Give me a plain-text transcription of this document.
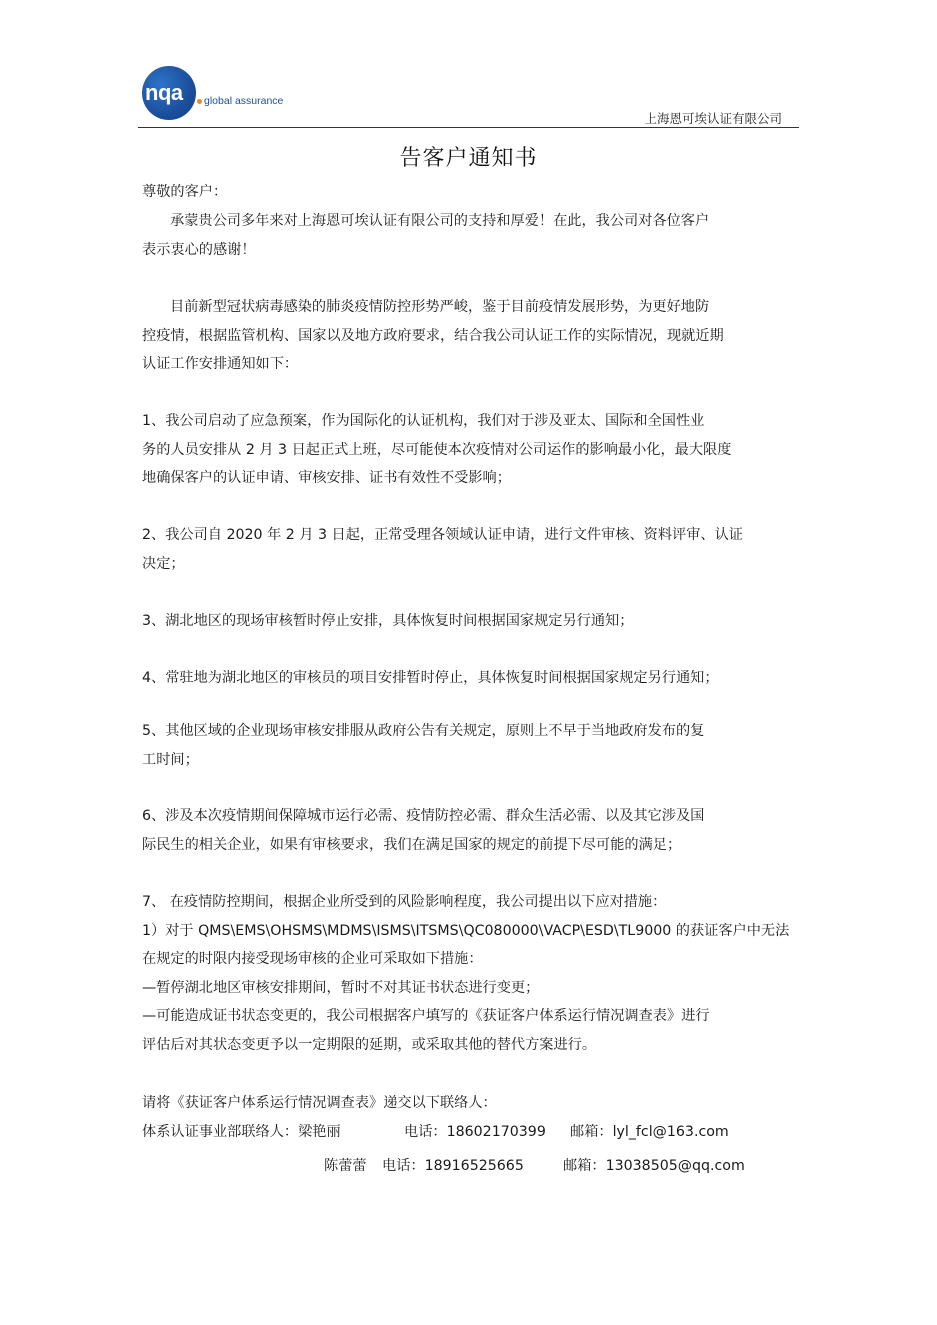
nqa global assurance
上海恩可埃认证有限公司
告客户通知书
尊敬的客户：
承蒙贵公司多年来对上海恩可埃认证有限公司的支持和厚爱！在此，我公司对各位客户
表示衷心的感谢！
目前新型冠状病毒感染的肺炎疫情防控形势严峻，鉴于目前疫情发展形势，为更好地防
控疫情，根据监管机构、国家以及地方政府要求，结合我公司认证工作的实际情况，现就近期
认证工作安排通知如下：
1、我公司启动了应急预案，作为国际化的认证机构，我们对于涉及亚太、国际和全国性业
务的人员安排从 2 月 3 日起正式上班，尽可能使本次疫情对公司运作的影响最小化，最大限度
地确保客户的认证申请、审核安排、证书有效性不受影响；
2、我公司自 2020 年 2 月 3 日起，正常受理各领域认证申请，进行文件审核、资料评审、认证
决定；
3、湖北地区的现场审核暂时停止安排，具体恢复时间根据国家规定另行通知；
4、常驻地为湖北地区的审核员的项目安排暂时停止，具体恢复时间根据国家规定另行通知；
5、其他区域的企业现场审核安排服从政府公告有关规定，原则上不早于当地政府发布的复
工时间；
6、涉及本次疫情期间保障城市运行必需、疫情防控必需、群众生活必需、以及其它涉及国
际民生的相关企业，如果有审核要求，我们在满足国家的规定的前提下尽可能的满足；
7、 在疫情防控期间，根据企业所受到的风险影响程度，我公司提出以下应对措施：
1）对于 QMS\EMS\OHSMS\MDMS\ISMS\ITSMS\QC080000\VACP\ESD\TL9000 的获证客户中无法
在规定的时限内接受现场审核的企业可采取如下措施：
—暂停湖北地区审核安排期间，暂时不对其证书状态进行变更；
—可能造成证书状态变更的，我公司根据客户填写的《获证客户体系运行情况调查表》进行
评估后对其状态变更予以一定期限的延期，或采取其他的替代方案进行。
请将《获证客户体系运行情况调查表》递交以下联络人：
体系认证事业部联络人：梁艳丽	电话：18602170399 邮箱：lyl_fcl@163.com
陈蕾蕾 电话：18916525665	邮箱：13038505@qq.com
